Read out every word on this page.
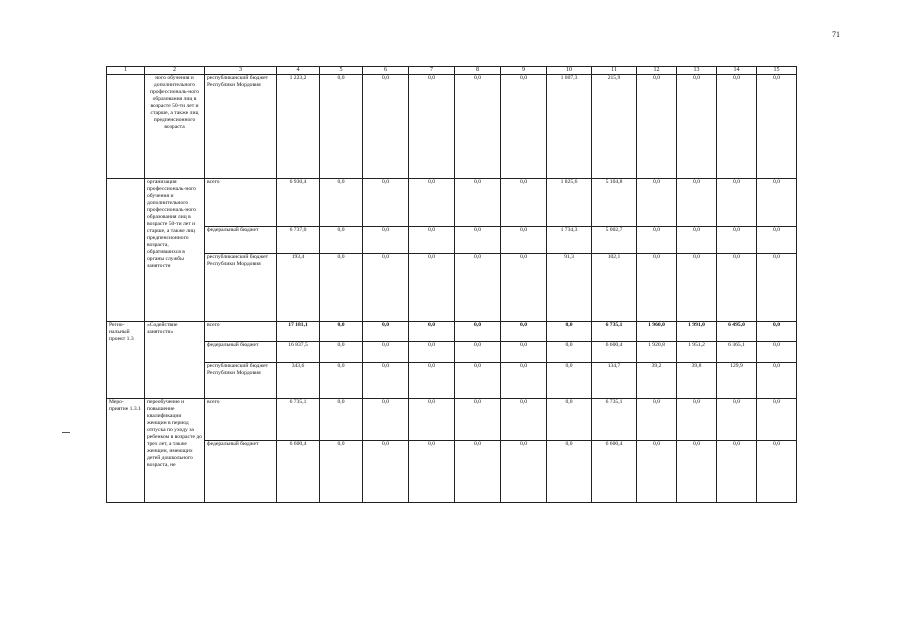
71
1	2	3	4	5	6	7	8	9	10	11	12	13	14	15
	ного обучения и дополнительного профессиональ-ного образования лиц в возрасте 50-ти лет и старше, а также лиц предпенсионного возраста	республиканский бюджет Республики Мордовия	1 223,2	0,0	0,0	0,0	0,0	0,0	1 007,3	215,9	0,0	0,0	0,0	0,0
	организация профессиональ-ного обучения и дополнительного профессиональ-ного образования лиц в возрасте 50-ти лет и старше, а также лиц предпенсионного возраста, обратившихся в органы службы занятости	всего	6 930,4	0,0	0,0	0,0	0,0	0,0	1 825,6	5 104,8	0,0	0,0	0,0	0,0
		федеральный бюджет	6 737,0	0,0	0,0	0,0	0,0	0,0	1 734,3	5 002,7	0,0	0,0	0,0	0,0
		республиканский бюджет Республики Мордовия	193,4	0,0	0,0	0,0	0,0	0,0	91,3	102,1	0,0	0,0	0,0	0,0
Регио-нальный проект 1.3	«Содействие занятости»	всего	17 181,1	0,0	0,0	0,0	0,0	0,0	0,0	6 735,1	1 960,0	1 991,0	6 495,0	0,0
		федеральный бюджет	16 837,5	0,0	0,0	0,0	0,0	0,0	0,0	6 600,4	1 920,8	1 951,2	6 365,1	0,0
		республиканский бюджет Республики Мордовия	343,6	0,0	0,0	0,0	0,0	0,0	0,0	134,7	39,2	39,8	129,9	0,0
Меро-приятие 1.3.1	переобучение и повышение квалификации женщин в период отпуска по уходу за ребенком в возрасте до трех лет, а также женщин, имеющих детей дошкольного возраста, не	всего	6 735,1	0,0	0,0	0,0	0,0	0,0	0,0	6 735,1	0,0	0,0	0,0	0,0
		федеральный бюджет	6 600,4	0,0	0,0	0,0	0,0	0,0	0,0	6 600,4	0,0	0,0	0,0	0,0
